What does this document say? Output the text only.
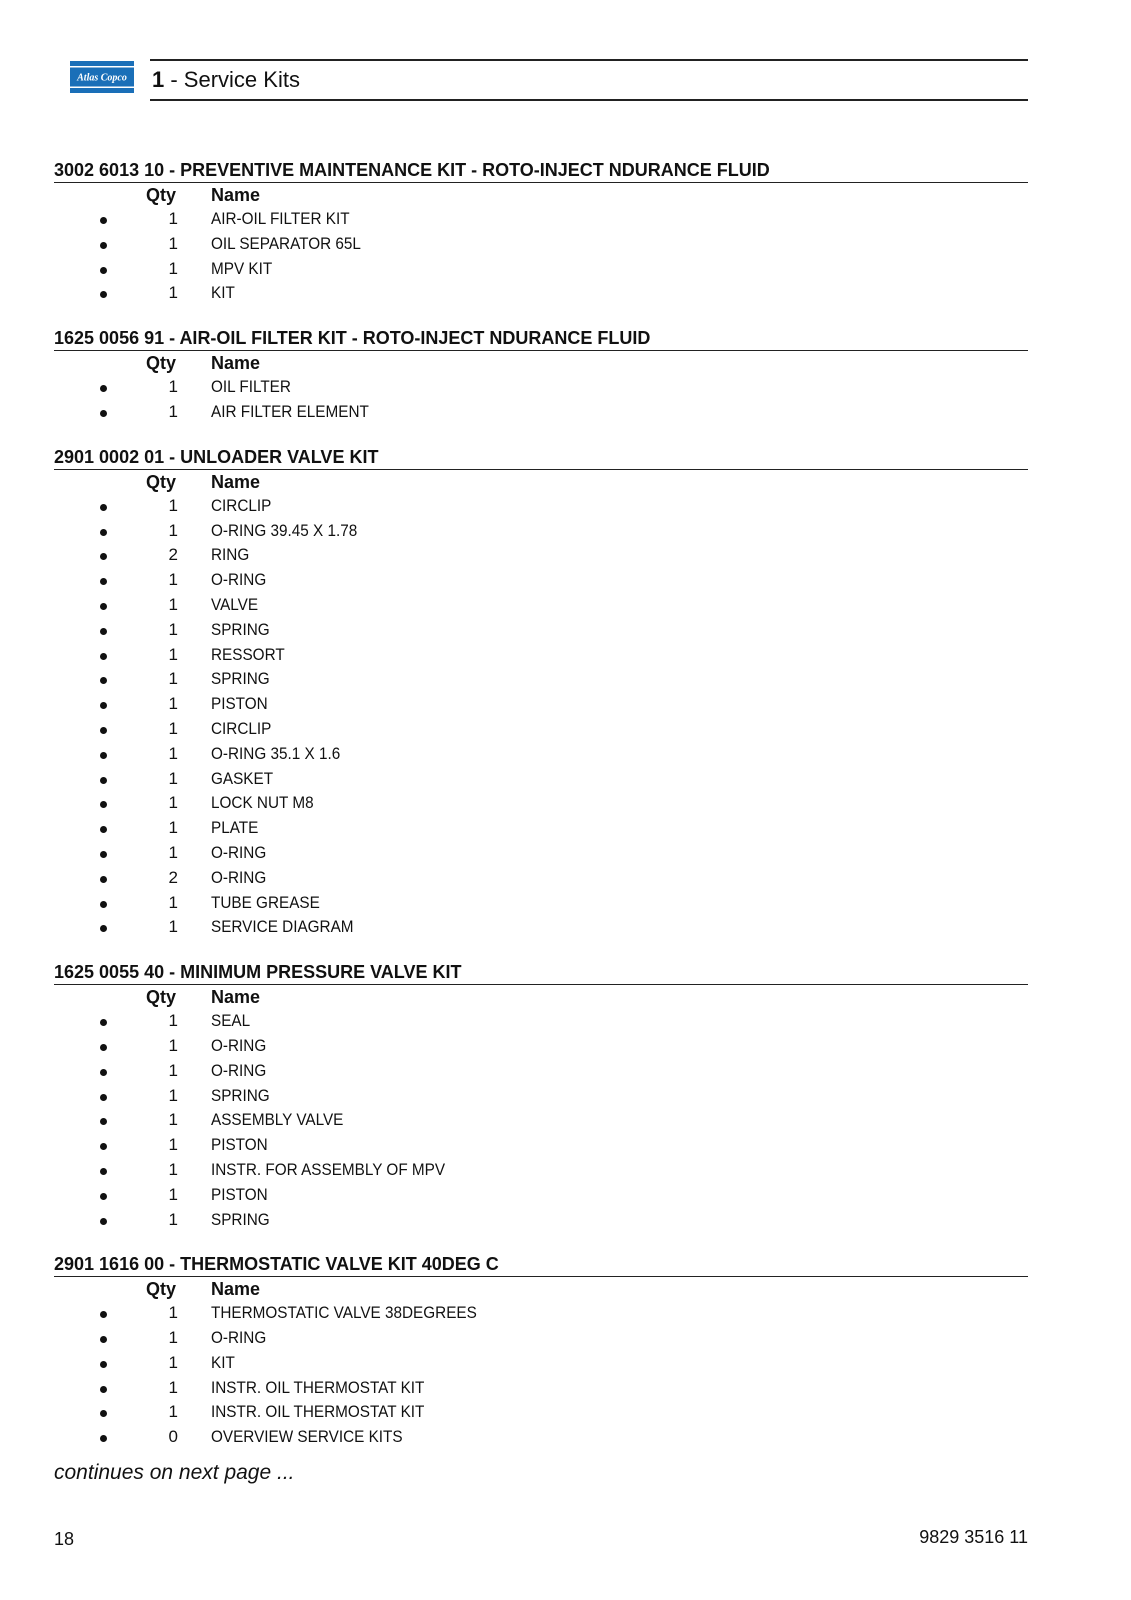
Atlas Copco 1 - Service Kits
3002 6013 10 - PREVENTIVE MAINTENANCE KIT - ROTO-INJECT NDURANCE FLUID
Qty Name
1 AIR-OIL FILTER KIT
1 OIL SEPARATOR 65L
1 MPV KIT
1 KIT
1625 0056 91 - AIR-OIL FILTER KIT - ROTO-INJECT NDURANCE FLUID
Qty Name
1 OIL FILTER
1 AIR FILTER ELEMENT
2901 0002 01 - UNLOADER VALVE KIT
Qty Name
1 CIRCLIP
1 O-RING 39.45 X 1.78
2 RING
1 O-RING
1 VALVE
1 SPRING
1 RESSORT
1 SPRING
1 PISTON
1 CIRCLIP
1 O-RING 35.1 X 1.6
1 GASKET
1 LOCK NUT M8
1 PLATE
1 O-RING
2 O-RING
1 TUBE GREASE
1 SERVICE DIAGRAM
1625 0055 40 - MINIMUM PRESSURE VALVE KIT
Qty Name
1 SEAL
1 O-RING
1 O-RING
1 SPRING
1 ASSEMBLY VALVE
1 PISTON
1 INSTR. FOR ASSEMBLY OF MPV
1 PISTON
1 SPRING
2901 1616 00 - THERMOSTATIC VALVE KIT 40DEG C
Qty Name
1 THERMOSTATIC VALVE 38DEGREES
1 O-RING
1 KIT
1 INSTR. OIL THERMOSTAT KIT
1 INSTR. OIL THERMOSTAT KIT
0 OVERVIEW SERVICE KITS
continues on next page ...
18	9829 3516 11
